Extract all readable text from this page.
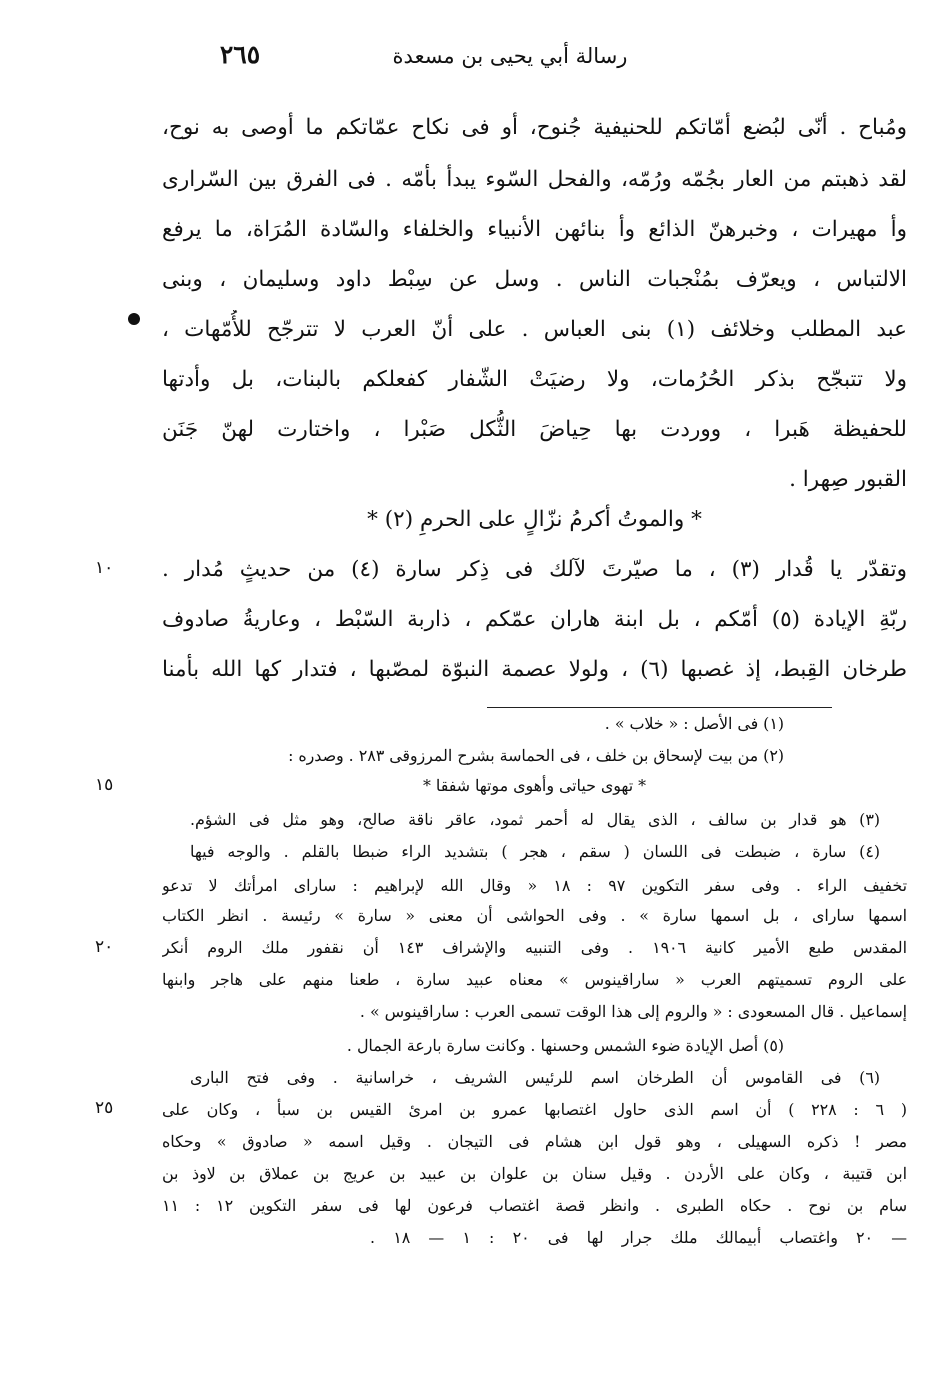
٢٦٥	رسالة أبي يحيى بن مسعدة
ومُباح . أنّى لبُضع أمّاتكم للحنيفية جُنوح، أو فى نكاح عمّاتكم ما أوصى به نوح،
لقد ذهبتم من العار بجُمّه ورُمّه، والفحل السّوء يبدأ بأمّه . فى الفرق بين السّرارى
وأ مهيرات ، وخبرهنّ الذائع وأ بنائهن الأنبياء والخلفاء والسّادة المُرَاة، ما يرفع
الالتباس ، ويعرّف بمُنْجبات الناس . وسل عن سِبْط داود وسليمان ، وبنى
عبد المطلب وخلائف (١) بنى العباس . على أنّ العرب لا تترجّح للأُمّهات ،
ولا تتبجّح بذكر الحُرُمات، ولا رضيَتْ الشّفار كفعلكم بالبنات، بل وأدتها
للحفيظة هَبرا ، ووردت بها حِياضَ الثُّكل صَبْرا ، واختارت لهنّ جَنَن
القبور صِهرا .
* والموتُ أكرمُ نزّالٍ على الحرمِ (٢) *
وتقدّر يا قُدار (٣) ، ما صيّرتَ لآلك فى ذِكر سارة (٤) من حديثٍ مُدار .
ربّةِ الإيادة (٥) أمّكم ، بل ابنة هاران عمّكم ، ذاربة السّبْط ، وعاريةُ صادوف
طرخان القِبط، إذ غصبها (٦) ، ولولا عصمة النبوّة لمصّبها ، فتدار كها الله بأمنا
١٠
١٥
٢٠
٢٥
(١) فى الأصل : « خلاب » .
(٢) من بيت لإسحاق بن خلف ، فى الحماسة بشرح المرزوقى ٢٨٣ . وصدره :
* تهوى حياتى وأهوى موتها شفقا *
(٣) هو قدار بن سالف ، الذى يقال له أحمر ثمود، عاقر ناقة صالح، وهو مثل فى الشؤم.
(٤) سارة ، ضبطت فى اللسان ( سقم ، هجر ) بتشديد الراء ضبطا بالقلم . والوجه فيها
تخفيف الراء . وفى سفر التكوين ٩٧ : ١٨ « وقال الله لإبراهيم : ساراى امرأتك لا تدعو
اسمها ساراى ، بل اسمها سارة » . وفى الحواشى أن معنى « سارة » رئيسة . انظر الكتاب
المقدس طبع الأمير كانية ١٩٠٦ . وفى التنبيه والإشراف ١٤٣ أن نقفور ملك الروم أنكر
على الروم تسميتهم العرب « ساراقينوس » معناه عبيد سارة ، طعنا منهم على هاجر وابنها
إسماعيل . قال المسعودى : « والروم إلى هذا الوقت تسمى العرب : ساراقينوس » .
(٥) أصل الإيادة ضوء الشمس وحسنها . وكانت سارة بارعة الجمال .
(٦) فى القاموس أن الطرخان اسم للرئيس الشريف ، خراسانية . وفى فتح البارى
( ٦ : ٢٢٨ ) أن اسم الذى حاول اغتصابها عمرو بن امرئ القيس بن سبأ ، وكان على
مصر ! ذكره السهيلى ، وهو قول ابن هشام فى التيجان . وقيل اسمه « صادوق » وحكاه
ابن قتيبة ، وكان على الأردن . وقيل سنان بن علوان بن عبيد بن عريج بن عملاق بن لاوذ بن
سام بن نوح . حكاه الطبرى . وانظر قصة اغتصاب فرعون لها فى سفر التكوين ١٢ : ١١
— ٢٠ واغتصاب أبيمالك ملك جرار لها فى ٢٠ : ١ — ١٨ .
